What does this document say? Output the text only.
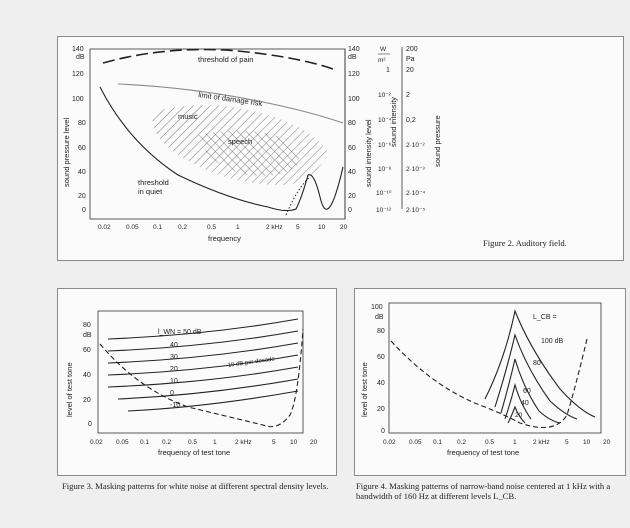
140
dB
120
100
80
60
40
20
0
sound pressure level
threshold of pain
limit of damage risk
music
speech
threshold
in quiet
0.02 0.05 0.1 0.2	0.5	1	2 kHz 5	10 20
frequency
140
dB
120
100
80
60
40
20
0
sound intensity level
W
m²
1
10⁻²
10⁻⁴
10⁻⁶
10⁻⁸
10⁻¹⁰
10⁻¹²
sound intensity
200
Pa
20
2
0,2
2·10⁻²
2·10⁻³
2·10⁻⁴
2·10⁻⁵
sound pressure
Figure 2. Auditory field.
80
dB
60
40
20
0
level of test tone
l_WN = 50 dB
40
30
20
10
0
-10
10 dB per decade
0.02 0.05 0.1 0.2	0.5 1	2 kHz	5 10 20
frequency of test tone
Figure 3. Masking patterns for white noise at different spectral density levels.
100
dB
80
60
40
20
0
level of test tone
L_CB =
100 dB
80
60
40
20
0.02 0.05 0.1 0.2	0.5	1	2 kHz 5 10 20
frequency of test tone
Figure 4. Masking patterns of narrow-band noise centered at 1 kHz with a bandwidth of 160 Hz at different levels L_CB.
